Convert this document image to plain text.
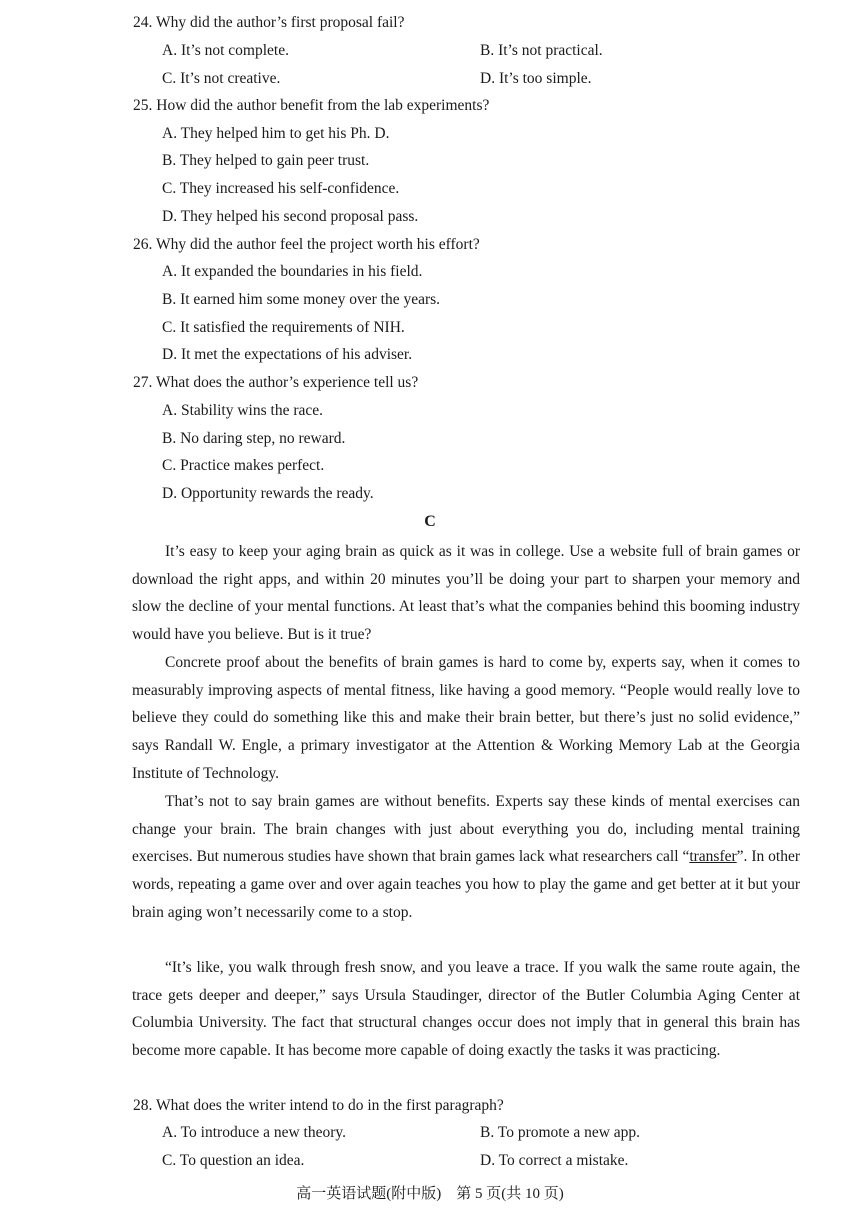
24. Why did the author’s first proposal fail?
A. It’s not complete.	B. It’s not practical.
C. It’s not creative.	D. It’s too simple.
25. How did the author benefit from the lab experiments?
A. They helped him to get his Ph. D.
B. They helped to gain peer trust.
C. They increased his self-confidence.
D. They helped his second proposal pass.
26. Why did the author feel the project worth his effort?
A. It expanded the boundaries in his field.
B. It earned him some money over the years.
C. It satisfied the requirements of NIH.
D. It met the expectations of his adviser.
27. What does the author’s experience tell us?
A. Stability wins the race.
B. No daring step, no reward.
C. Practice makes perfect.
D. Opportunity rewards the ready.
C

It’s easy to keep your aging brain as quick as it was in college. Use a website full of brain games or download the right apps, and within 20 minutes you’ll be doing your part to sharpen your memory and slow the decline of your mental functions. At least that’s what the companies behind this booming industry would have you believe. But is it true?

Concrete proof about the benefits of brain games is hard to come by, experts say, when it comes to measurably improving aspects of mental fitness, like having a good memory. “People would really love to believe they could do something like this and make their brain better, but there’s just no solid evidence,” says Randall W. Engle, a primary investigator at the Attention & Working Memory Lab at the Georgia Institute of Technology.

That’s not to say brain games are without benefits. Experts say these kinds of mental exercises can change your brain. The brain changes with just about everything you do, including mental training exercises. But numerous studies have shown that brain games lack what researchers call “transfer”. In other words, repeating a game over and over again teaches you how to play the game and get better at it but your brain aging won’t necessarily come to a stop.

“It’s like, you walk through fresh snow, and you leave a trace. If you walk the same route again, the trace gets deeper and deeper,” says Ursula Staudinger, director of the Butler Columbia Aging Center at Columbia University. The fact that structural changes occur does not imply that in general this brain has become more capable. It has become more capable of doing exactly the tasks it was practicing.

28. What does the writer intend to do in the first paragraph?
A. To introduce a new theory.	B. To promote a new app.
C. To question an idea.	D. To correct a mistake.
高一英语试题(附中版)　第 5 页(共 10 页)
